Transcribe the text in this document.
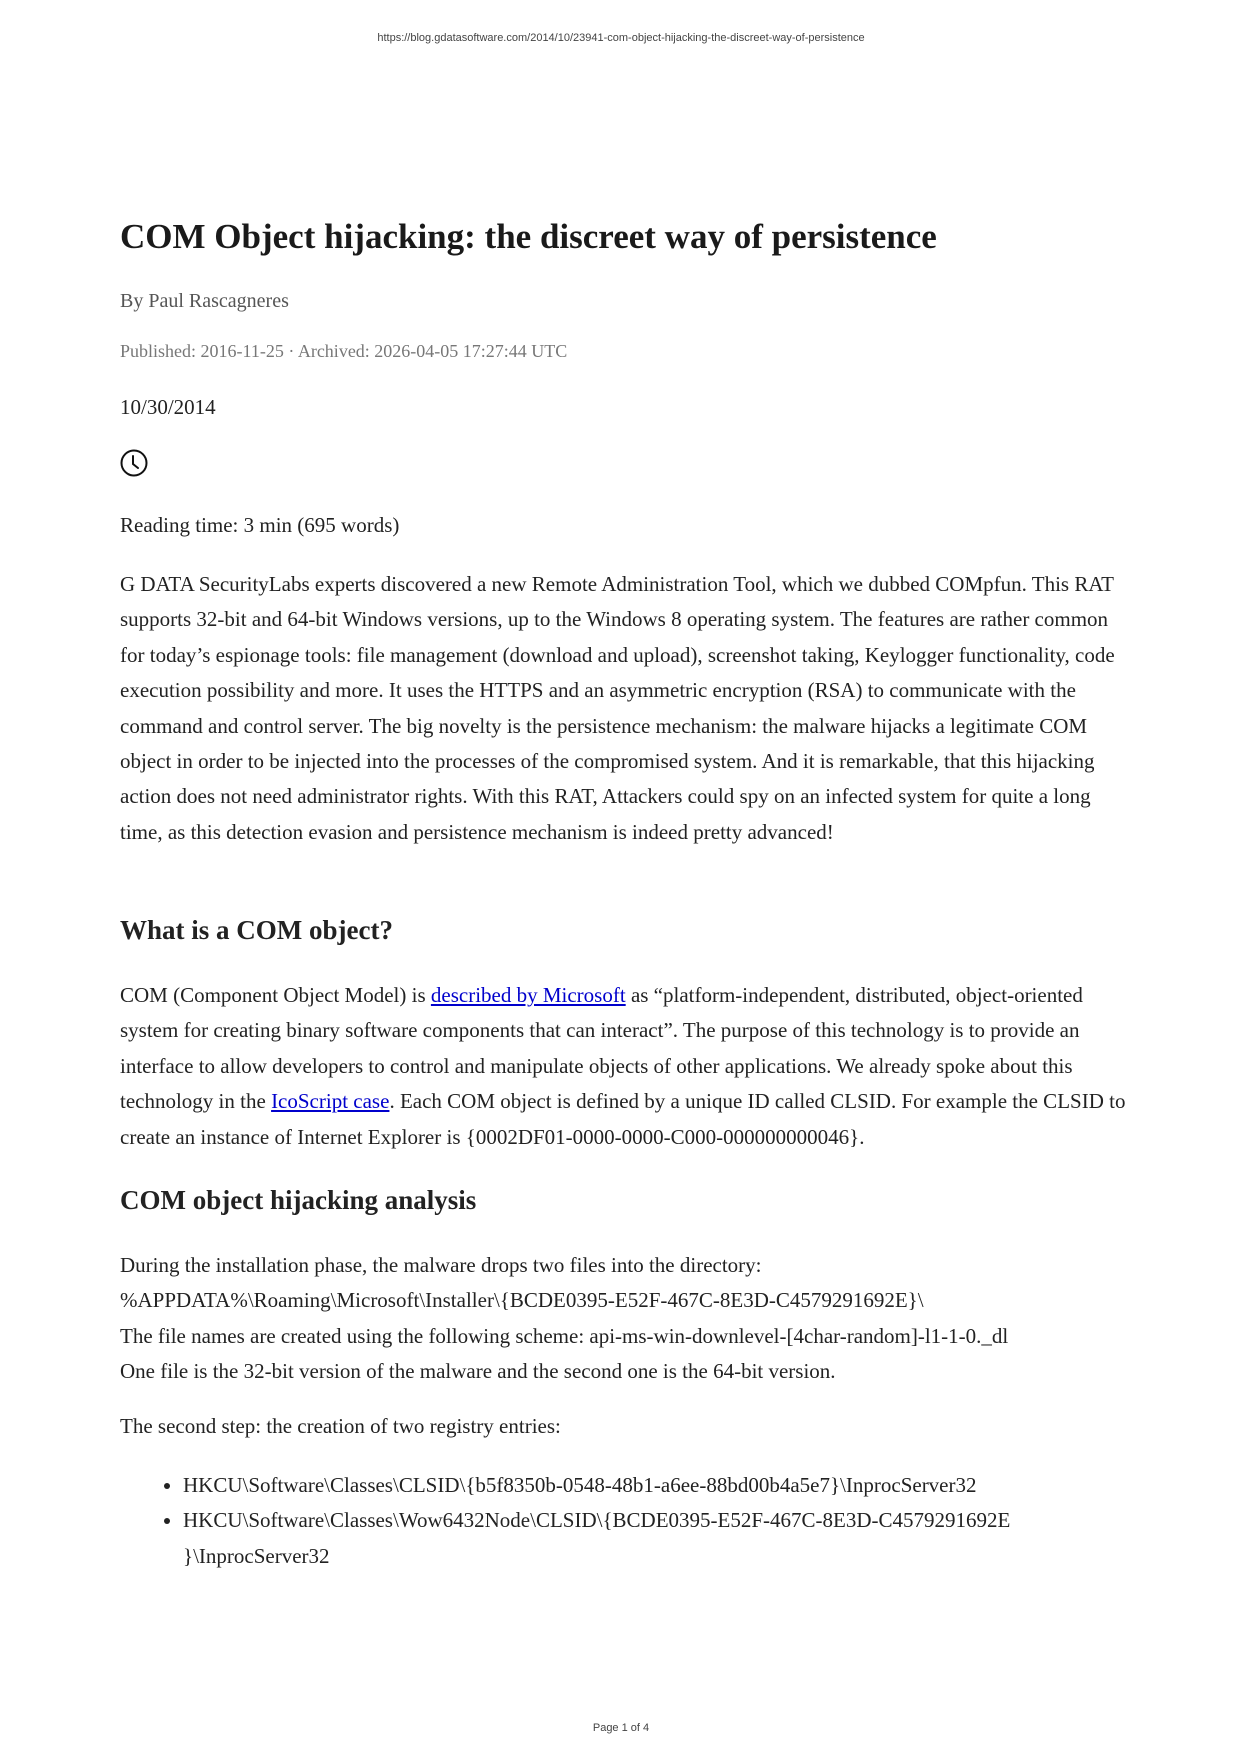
https://blog.gdatasoftware.com/2014/10/23941-com-object-hijacking-the-discreet-way-of-persistence
COM Object hijacking: the discreet way of persistence
By Paul Rascagneres
Published: 2016-11-25 · Archived: 2026-04-05 17:27:44 UTC
10/30/2014
Reading time: 3 min (695 words)

G DATA SecurityLabs experts discovered a new Remote Administration Tool, which we dubbed COMpfun. This RAT supports 32-bit and 64-bit Windows versions, up to the Windows 8 operating system. The features are rather common for today’s espionage tools: file management (download and upload), screenshot taking, Keylogger functionality, code execution possibility and more. It uses the HTTPS and an asymmetric encryption (RSA) to communicate with the command and control server. The big novelty is the persistence mechanism: the malware hijacks a legitimate COM object in order to be injected into the processes of the compromised system. And it is remarkable, that this hijacking action does not need administrator rights. With this RAT, Attackers could spy on an infected system for quite a long time, as this detection evasion and persistence mechanism is indeed pretty advanced!

What is a COM object?

COM (Component Object Model) is described by Microsoft as “platform-independent, distributed, object-oriented system for creating binary software components that can interact”. The purpose of this technology is to provide an interface to allow developers to control and manipulate objects of other applications. We already spoke about this technology in the IcoScript case. Each COM object is defined by a unique ID called CLSID. For example the CLSID to create an instance of Internet Explorer is {0002DF01-0000-0000-C000-000000000046}.

COM object hijacking analysis

During the installation phase, the malware drops two files into the directory:
%APPDATA%\Roaming\Microsoft\Installer\{BCDE0395-E52F-467C-8E3D-C4579291692E}\
The file names are created using the following scheme: api-ms-win-downlevel-[4char-random]-l1-1-0._dl
One file is the 32-bit version of the malware and the second one is the 64-bit version.

The second step: the creation of two registry entries:

• HKCU\Software\Classes\CLSID\{b5f8350b-0548-48b1-a6ee-88bd00b4a5e7}\InprocServer32
• HKCU\Software\Classes\Wow6432Node\CLSID\{BCDE0395-E52F-467C-8E3D-C4579291692E }\InprocServer32
Page 1 of 4
